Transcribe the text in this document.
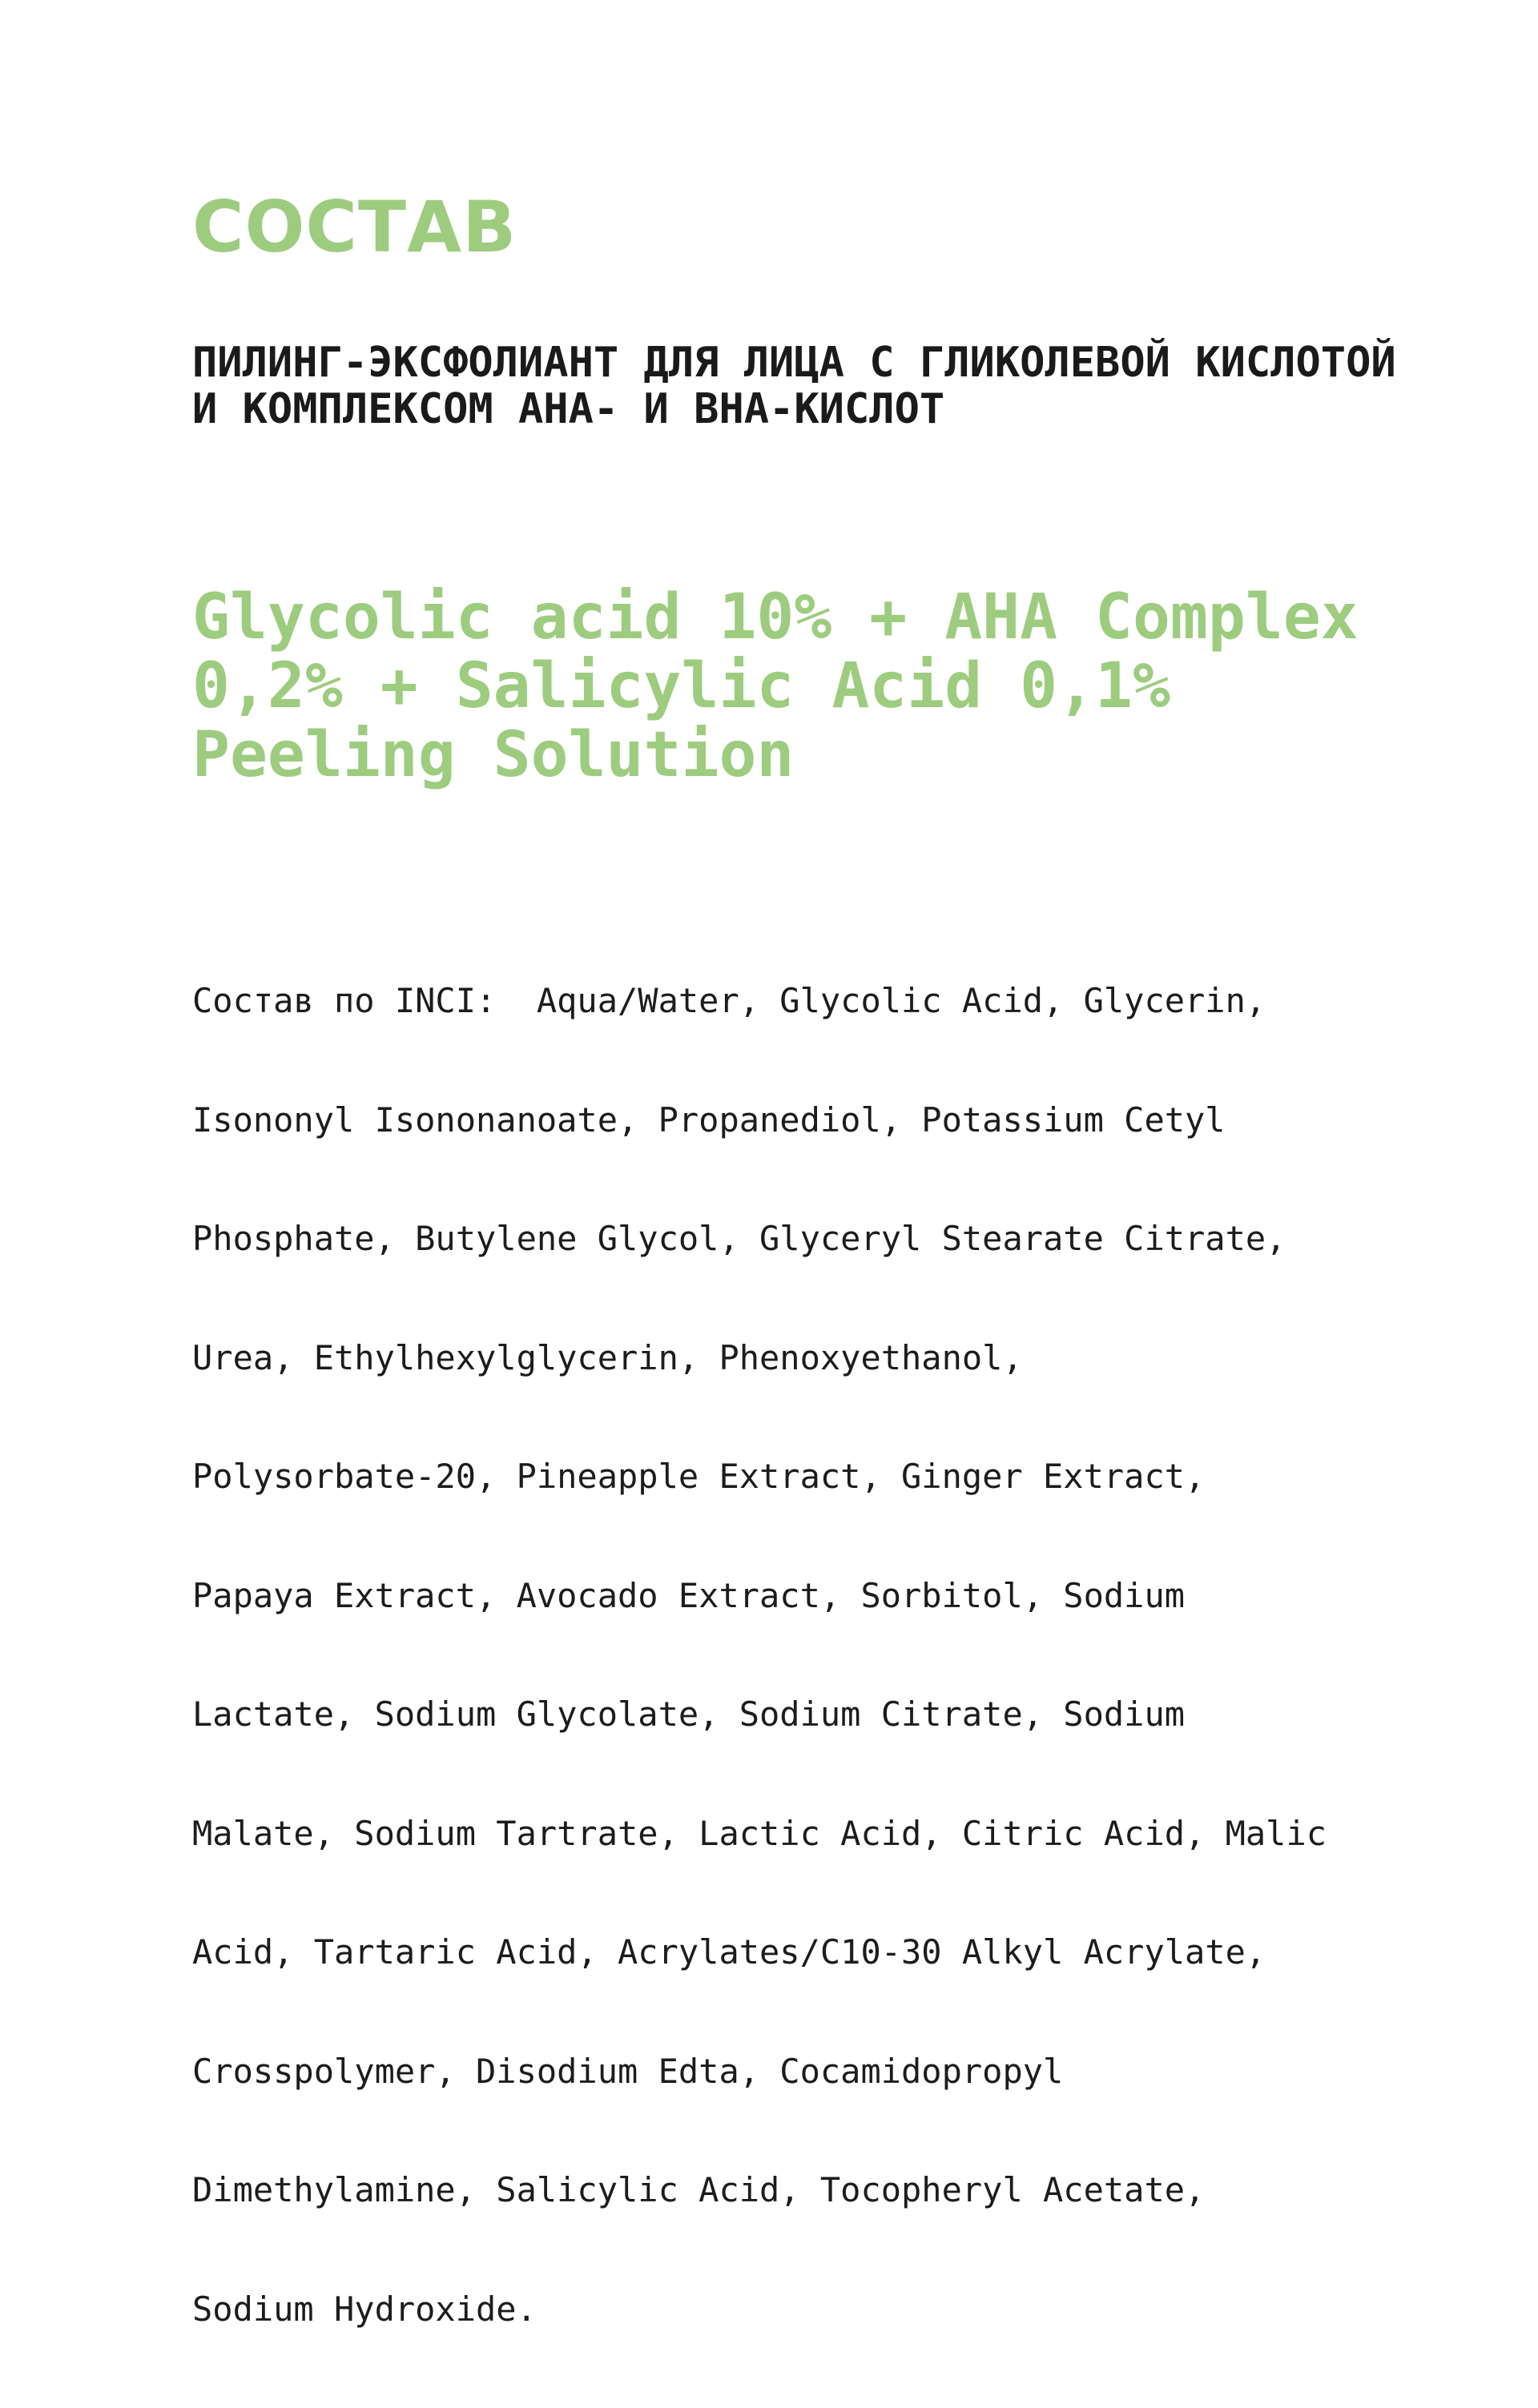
СОСТАВ
ПИЛИНГ-ЭКСФОЛИАНТ ДЛЯ ЛИЦА С ГЛИКОЛЕВОЙ КИСЛОТОЙ
И КОМПЛЕКСОМ АНА- И ВНА-КИСЛОТ
Glycolic acid 10% + AHA Complex
0,2% + Salicylic Acid 0,1%
Peeling Solution

Состав по INCI:  Aqua/Water, Glycolic Acid, Glycerin,

Isononyl Isononanoate, Propanediol, Potassium Cetyl

Phosphate, Butylene Glycol, Glyceryl Stearate Citrate,

Urea, Ethylhexylglycerin, Phenoxyethanol,

Polysorbate-20, Pineapple Extract, Ginger Extract,

Papaya Extract, Avocado Extract, Sorbitol, Sodium

Lactate, Sodium Glycolate, Sodium Citrate, Sodium

Malate, Sodium Tartrate, Lactic Acid, Citric Acid, Malic

Acid, Tartaric Acid, Acrylates/C10-30 Alkyl Acrylate,

Crosspolymer, Disodium Edta, Cocamidopropyl

Dimethylamine, Salicylic Acid, Tocopheryl Acetate,

Sodium Hydroxide.
